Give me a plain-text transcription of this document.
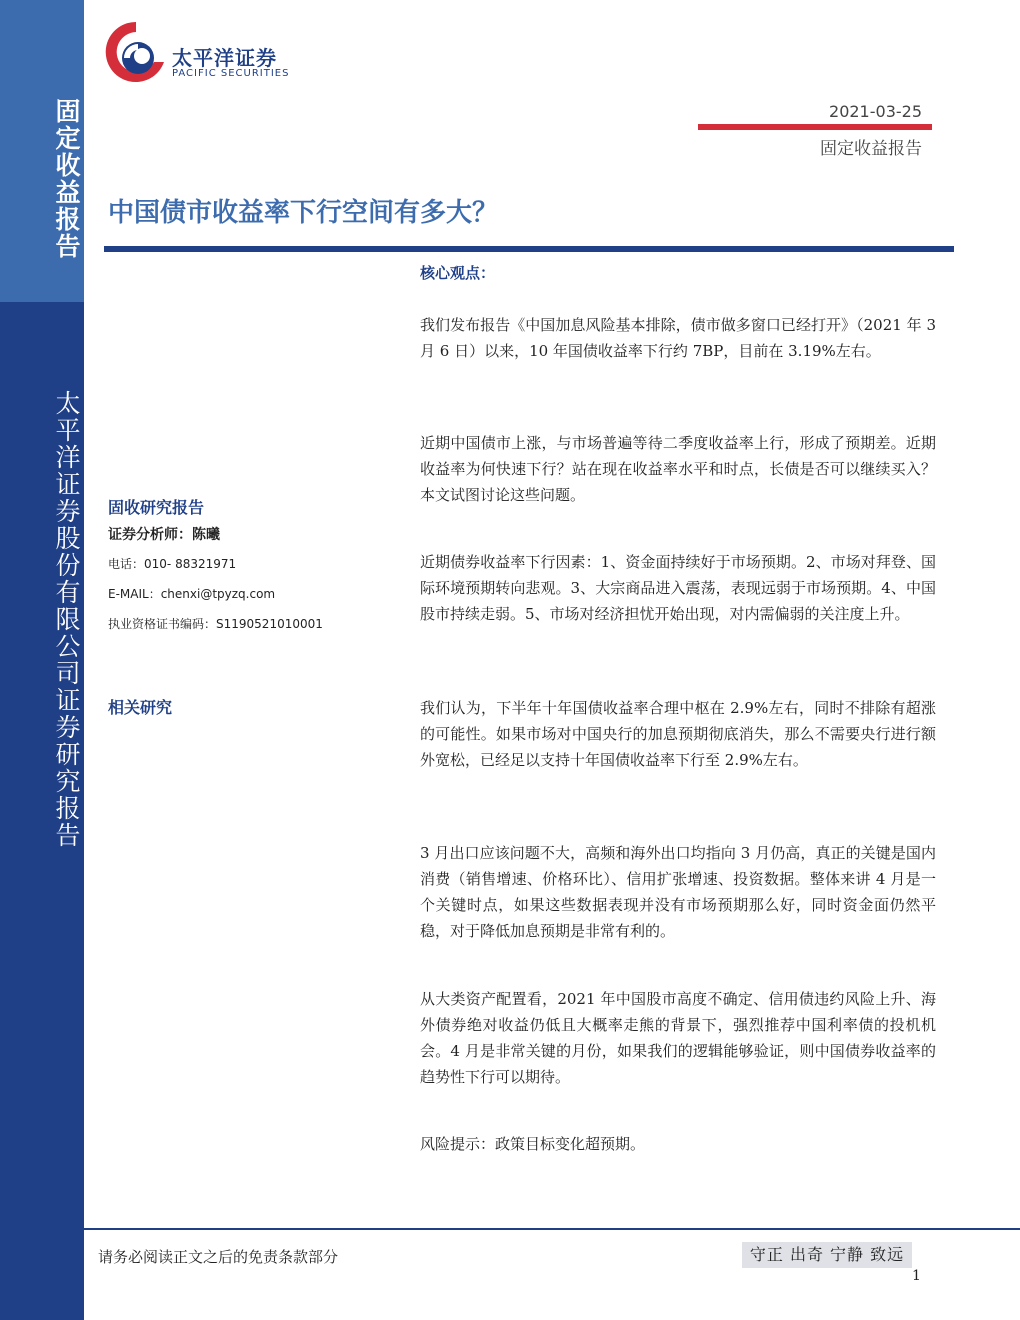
固定收益报告
太平洋证券股份有限公司证券研究报告
太平洋证券
PACIFIC SECURITIES
2021-03-25
固定收益报告
中国债市收益率下行空间有多大？
核心观点：
我们发布报告《中国加息风险基本排除，债市做多窗口已经打开》（2021 年 3 月 6 日）以来，10 年国债收益率下行约 7BP，目前在 3.19%左右。
近期中国债市上涨，与市场普遍等待二季度收益率上行，形成了预期差。近期收益率为何快速下行？站在现在收益率水平和时点，长债是否可以继续买入？本文试图讨论这些问题。
近期债券收益率下行因素：1、资金面持续好于市场预期。2、市场对拜登、国际环境预期转向悲观。3、大宗商品进入震荡，表现远弱于市场预期。4、中国股市持续走弱。5、市场对经济担忧开始出现，对内需偏弱的关注度上升。
我们认为，下半年十年国债收益率合理中枢在 2.9%左右，同时不排除有超涨的可能性。如果市场对中国央行的加息预期彻底消失，那么不需要央行进行额外宽松，已经足以支持十年国债收益率下行至 2.9%左右。
3 月出口应该问题不大，高频和海外出口均指向 3 月仍高，真正的关键是国内消费（销售增速、价格环比）、信用扩张增速、投资数据。整体来讲 4 月是一个关键时点，如果这些数据表现并没有市场预期那么好，同时资金面仍然平稳，对于降低加息预期是非常有利的。
从大类资产配置看，2021 年中国股市高度不确定、信用债违约风险上升、海外债券绝对收益仍低且大概率走熊的背景下，强烈推荐中国利率债的投机机会。4 月是非常关键的月份，如果我们的逻辑能够验证，则中国债券收益率的趋势性下行可以期待。
风险提示：政策目标变化超预期。
固收研究报告
证券分析师：陈曦
电话：010- 88321971
E-MAIL：chenxi@tpyzq.com
执业资格证书编码：S1190521010001
相关研究
请务必阅读正文之后的免责条款部分	守正 出奇 宁静 致远
1
